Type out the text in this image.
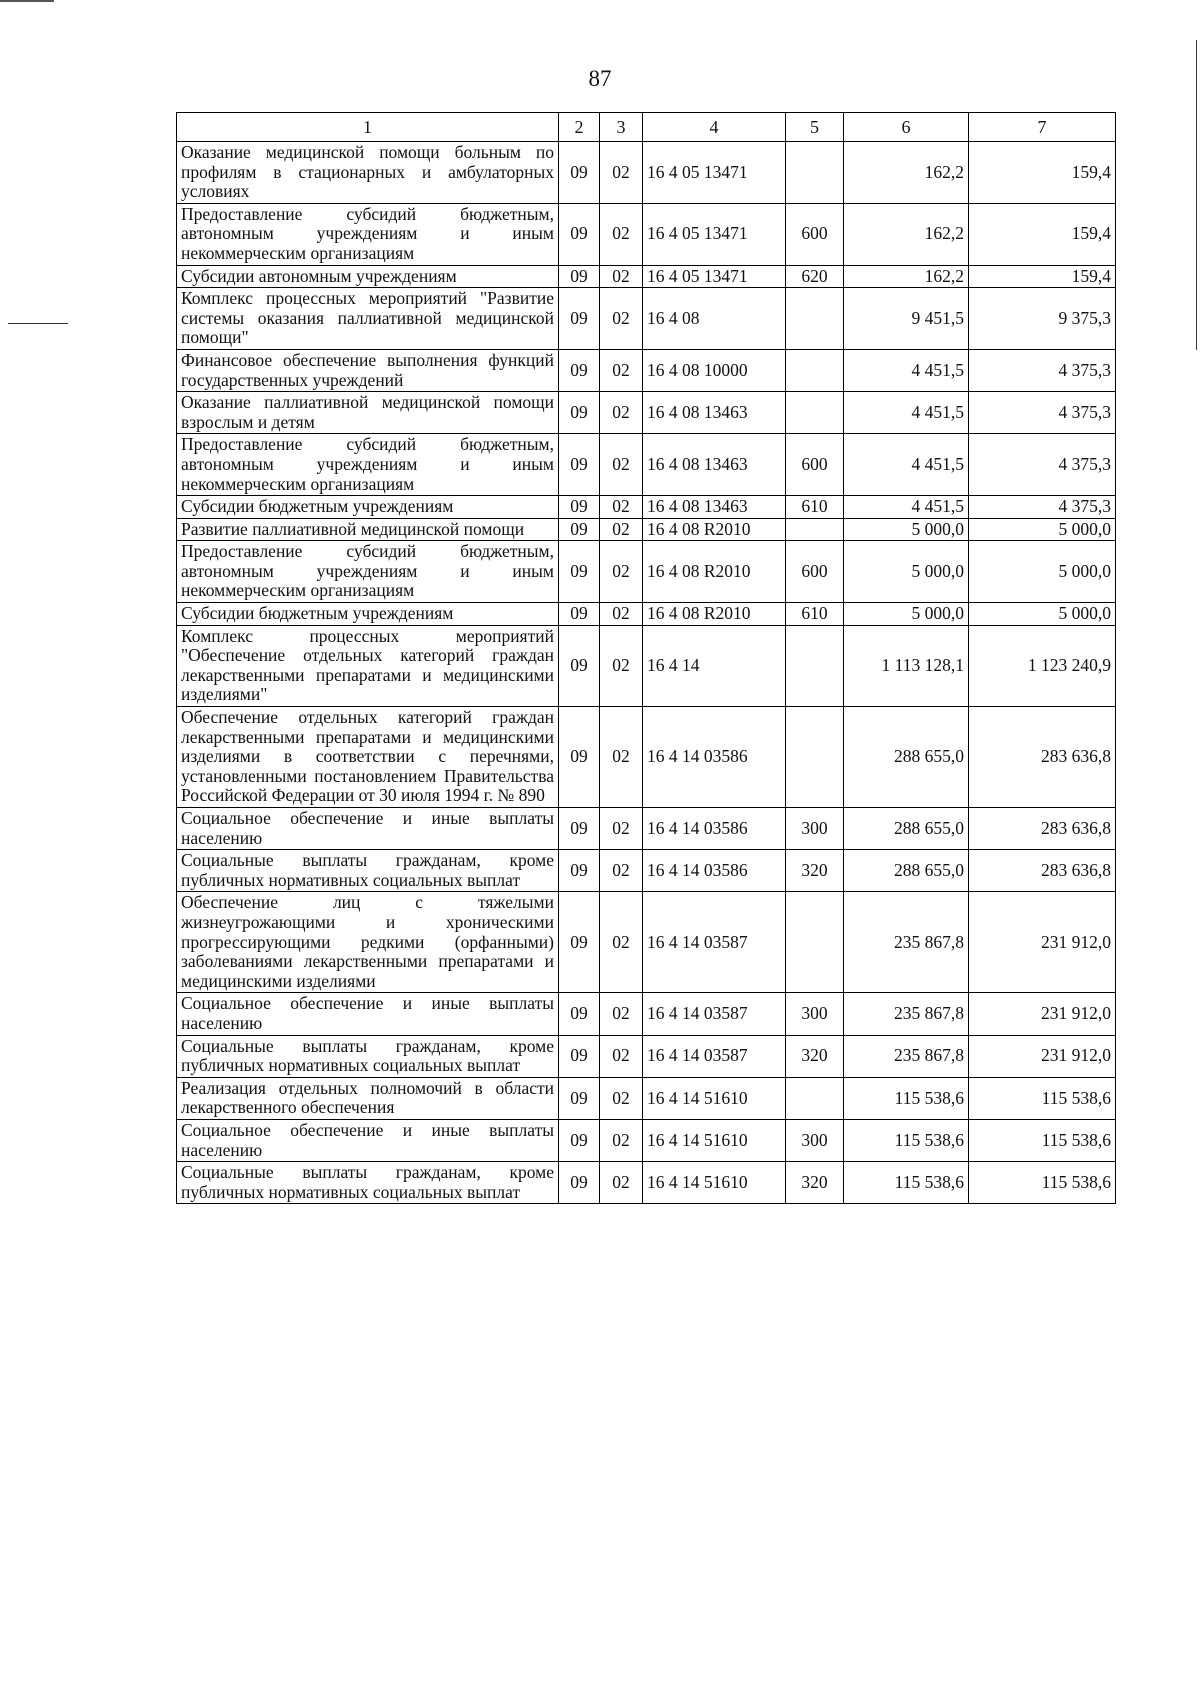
87
1	2	3	4	5	6	7
Оказание медицинской помощи больным по профилям в стационарных и амбулаторных условиях	09	02	16 4 05 13471		162,2	159,4
Предоставление субсидий бюджетным, автономным учреждениям и иным некоммерческим организациям	09	02	16 4 05 13471	600	162,2	159,4
Субсидии автономным учреждениям	09	02	16 4 05 13471	620	162,2	159,4
Комплекс процессных мероприятий "Развитие системы оказания паллиативной медицинской помощи"	09	02	16 4 08		9 451,5	9 375,3
Финансовое обеспечение выполнения функций государственных учреждений	09	02	16 4 08 10000		4 451,5	4 375,3
Оказание паллиативной медицинской помощи взрослым и детям	09	02	16 4 08 13463		4 451,5	4 375,3
Предоставление субсидий бюджетным, автономным учреждениям и иным некоммерческим организациям	09	02	16 4 08 13463	600	4 451,5	4 375,3
Субсидии бюджетным учреждениям	09	02	16 4 08 13463	610	4 451,5	4 375,3
Развитие паллиативной медицинской помощи	09	02	16 4 08 R2010		5 000,0	5 000,0
Предоставление субсидий бюджетным, автономным учреждениям и иным некоммерческим организациям	09	02	16 4 08 R2010	600	5 000,0	5 000,0
Субсидии бюджетным учреждениям	09	02	16 4 08 R2010	610	5 000,0	5 000,0
Комплекс процессных мероприятий "Обеспечение отдельных категорий граждан лекарственными препаратами и медицинскими изделиями"	09	02	16 4 14		1 113 128,1	1 123 240,9
Обеспечение отдельных категорий граждан лекарственными препаратами и медицинскими изделиями в соответствии с перечнями, установленными постановлением Правительства Российской Федерации от 30 июля 1994 г. № 890	09	02	16 4 14 03586		288 655,0	283 636,8
Социальное обеспечение и иные выплаты населению	09	02	16 4 14 03586	300	288 655,0	283 636,8
Социальные выплаты гражданам, кроме публичных нормативных социальных выплат	09	02	16 4 14 03586	320	288 655,0	283 636,8
Обеспечение лиц с тяжелыми жизнеугрожающими и хроническими прогрессирующими редкими (орфанными) заболеваниями лекарственными препаратами и медицинскими изделиями	09	02	16 4 14 03587		235 867,8	231 912,0
Социальное обеспечение и иные выплаты населению	09	02	16 4 14 03587	300	235 867,8	231 912,0
Социальные выплаты гражданам, кроме публичных нормативных социальных выплат	09	02	16 4 14 03587	320	235 867,8	231 912,0
Реализация отдельных полномочий в области лекарственного обеспечения	09	02	16 4 14 51610		115 538,6	115 538,6
Социальное обеспечение и иные выплаты населению	09	02	16 4 14 51610	300	115 538,6	115 538,6
Социальные выплаты гражданам, кроме публичных нормативных социальных выплат	09	02	16 4 14 51610	320	115 538,6	115 538,6
